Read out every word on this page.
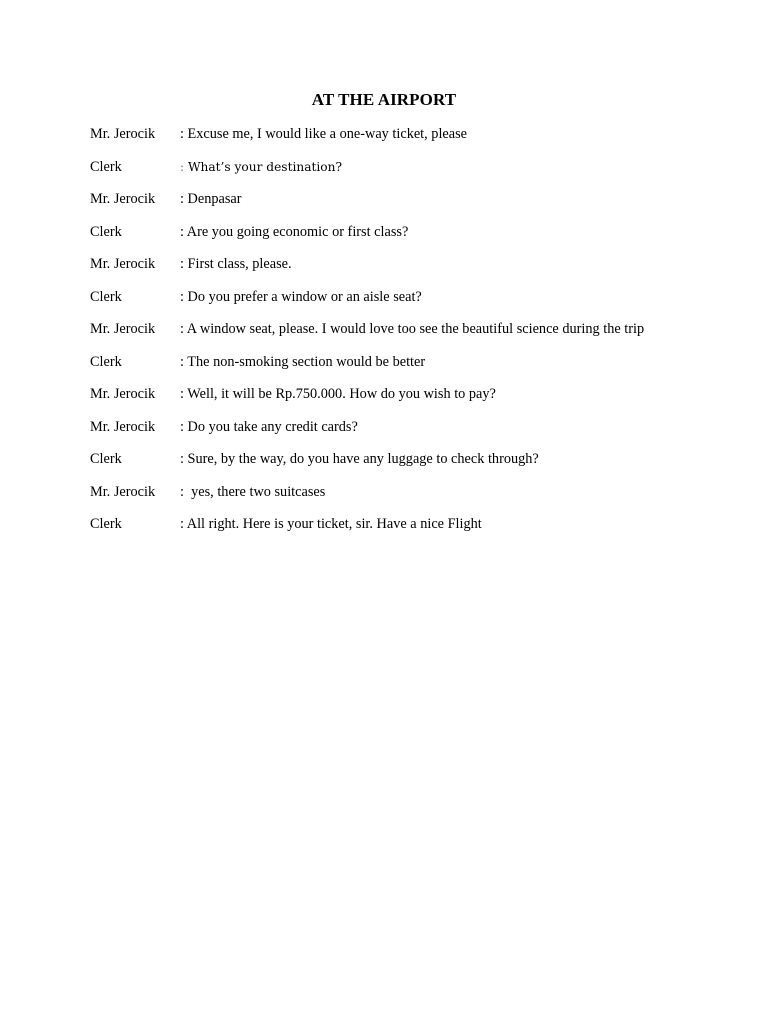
AT THE AIRPORT
Mr. Jerocik : Excuse me, I would like a one-way ticket, please
Clerk	: What’s your destination?
Mr. Jerocik : Denpasar
Clerk	: Are you going economic or first class?
Mr. Jerocik : First class, please.
Clerk	: Do you prefer a window or an aisle seat?
Mr. Jerocik : A window seat, please. I would love too see the beautiful science during the trip
Clerk	: The non-smoking section would be better
Mr. Jerocik : Well, it will be Rp.750.000. How do you wish to pay?
Mr. Jerocik : Do you take any credit cards?
Clerk	: Sure, by the way, do you have any luggage to check through?
Mr. Jerocik :  yes, there two suitcases
Clerk	: All right. Here is your ticket, sir. Have a nice Flight
